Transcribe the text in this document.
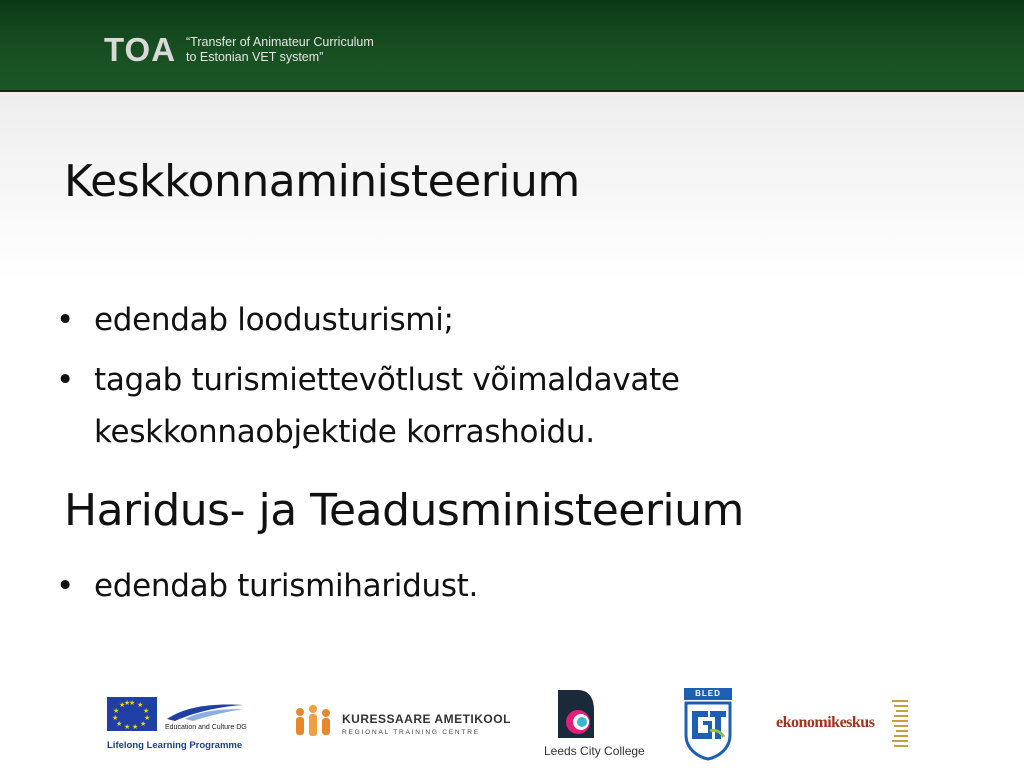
TOA “Transfer of Animateur Curriculum
to Estonian VET system”
Keskkonnaministeerium
• edendab loodusturismi;
• tagab turismiettevõtlust võimaldavate keskkonnaobjektide korrashoidu.
Haridus- ja Teadusministeerium
• edendab turismiharidust.
★ ★
★
★
★
★
★
★
★
★
★
★
Education and Culture DG
Lifelong Learning Programme
KURESSAARE AMETIKOOL
REGIONAL TRAINING CENTRE
Leeds City College
BLED
ekonomikeskus
